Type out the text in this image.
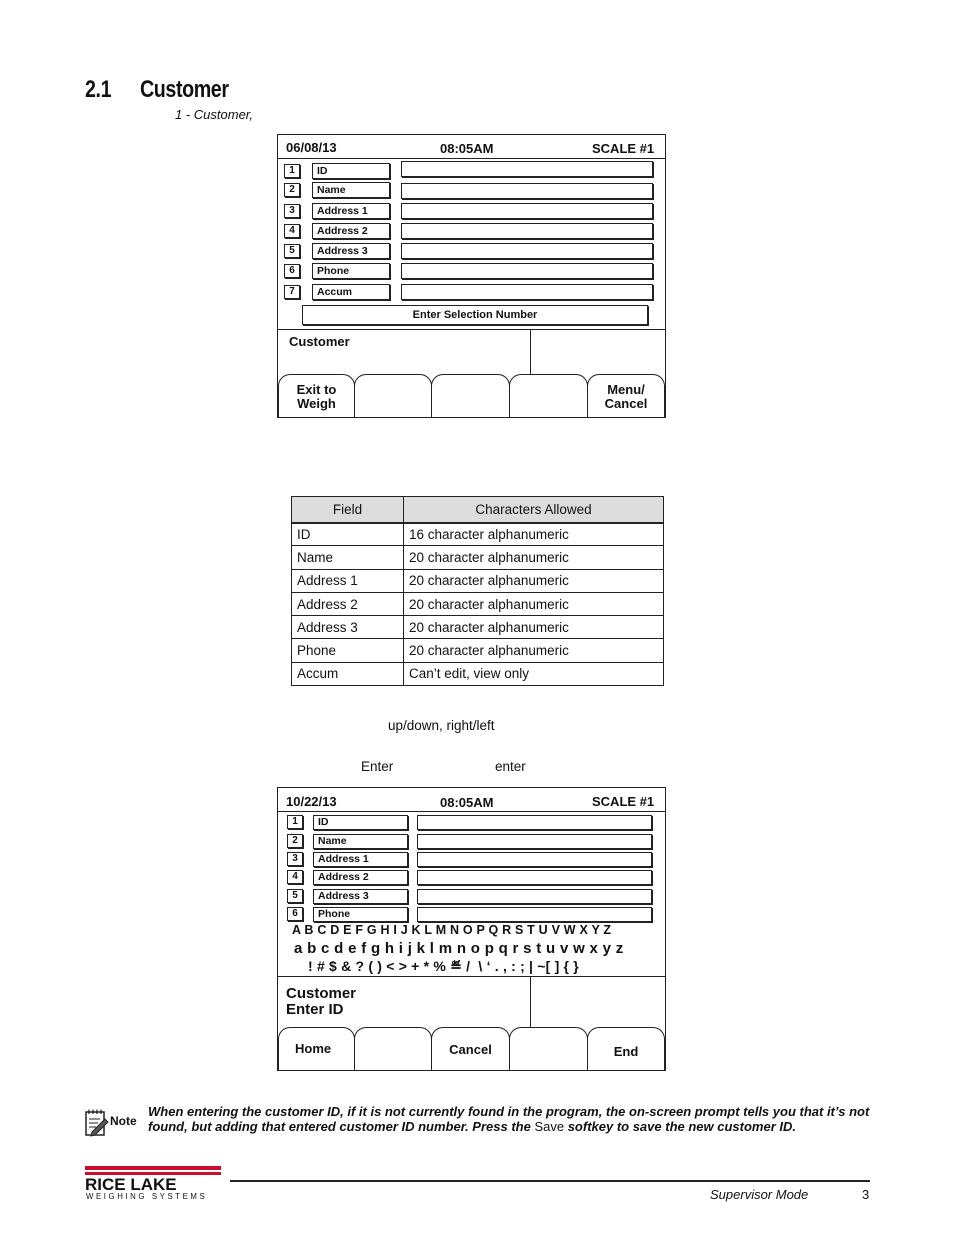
2.1 Customer
1 - Customer,
06/08/13	08:05AM	SCALE #1
1	ID
2	Name
3	Address 1
4	Address 2
5	Address 3
6	Phone
7	Accum
Enter Selection Number
Customer
Exit to
Weigh
Menu/
Cancel
Field	Characters Allowed
ID	16 character alphanumeric
Name	20 character alphanumeric
Address 1	20 character alphanumeric
Address 2	20 character alphanumeric
Address 3	20 character alphanumeric
Phone	20 character alphanumeric
Accum	Can’t edit, view only
up/down, right/left
Enter	enter
10/22/13	08:05AM	SCALE #1
1	ID
2	Name
3	Address 1
4	Address 2
5	Address 3
6	Phone
A B C D E F G H I J K L M N O P Q R S T U V W X Y Z
a b c d e f g h i j k l m n o p q r s t u v w x y z
! # $ & ? ( ) < > + * % ≝ /  \ ‘ . , : ; | ~[ ] { }
Customer
Enter ID
Home	Cancel	End
Note
When entering the customer ID, if it is not currently found in the program, the on-screen prompt tells you that it’s not found, but adding that entered customer ID number. Press the Save softkey to save the new customer ID.
RICE LAKE
WEIGHING SYSTEMS	Supervisor Mode	3
